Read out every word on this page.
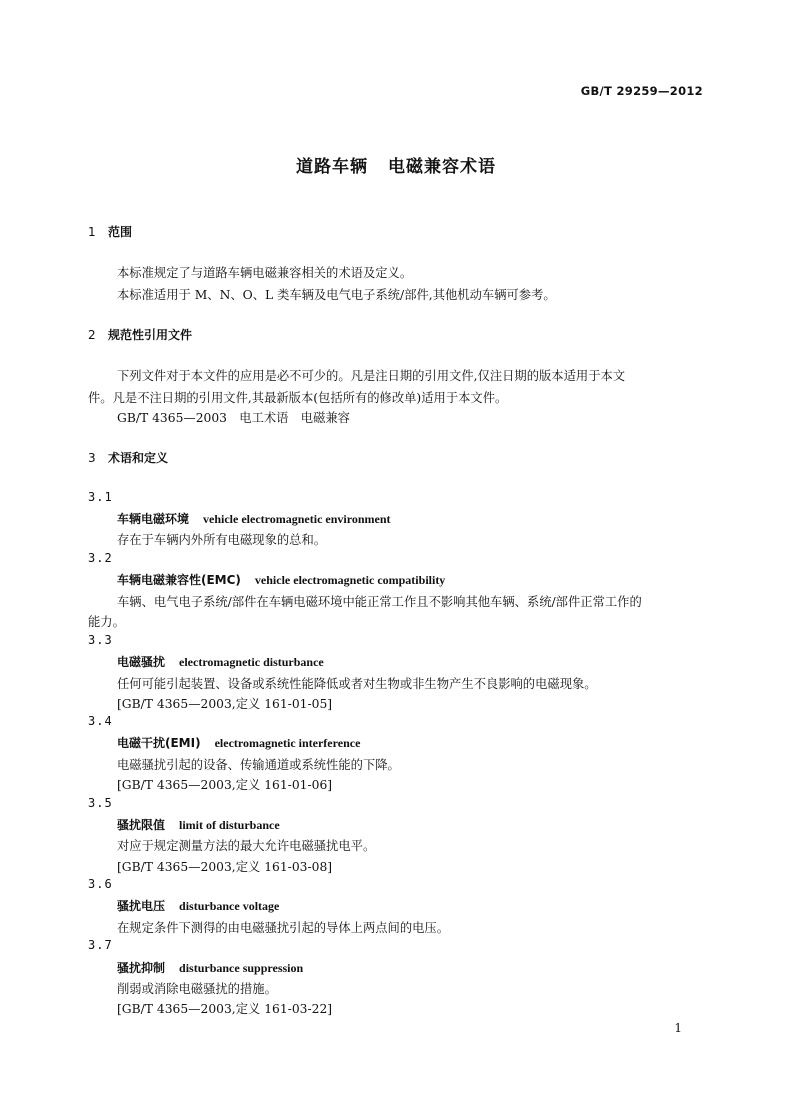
GB/T 29259—2012
道路车辆 电磁兼容术语
1 范围
本标准规定了与道路车辆电磁兼容相关的术语及定义。
本标准适用于 M、N、O、L 类车辆及电气电子系统/部件,其他机动车辆可参考。
2 规范性引用文件
下列文件对于本文件的应用是必不可少的。凡是注日期的引用文件,仅注日期的版本适用于本文
件。凡是不注日期的引用文件,其最新版本(包括所有的修改单)适用于本文件。
GB/T 4365—2003　电工术语　电磁兼容
3 术语和定义
3.1
车辆电磁环境 vehicle electromagnetic environment
存在于车辆内外所有电磁现象的总和。
3.2
车辆电磁兼容性(EMC) vehicle electromagnetic compatibility
车辆、电气电子系统/部件在车辆电磁环境中能正常工作且不影响其他车辆、系统/部件正常工作的
能力。
3.3
电磁骚扰 electromagnetic disturbance
任何可能引起装置、设备或系统性能降低或者对生物或非生物产生不良影响的电磁现象。
[GB/T 4365—2003,定义 161-01-05]
3.4
电磁干扰(EMI) electromagnetic interference
电磁骚扰引起的设备、传输通道或系统性能的下降。
[GB/T 4365—2003,定义 161-01-06]
3.5
骚扰限值 limit of disturbance
对应于规定测量方法的最大允许电磁骚扰电平。
[GB/T 4365—2003,定义 161-03-08]
3.6
骚扰电压 disturbance voltage
在规定条件下测得的由电磁骚扰引起的导体上两点间的电压。
3.7
骚扰抑制 disturbance suppression
削弱或消除电磁骚扰的措施。
[GB/T 4365—2003,定义 161-03-22]
1
